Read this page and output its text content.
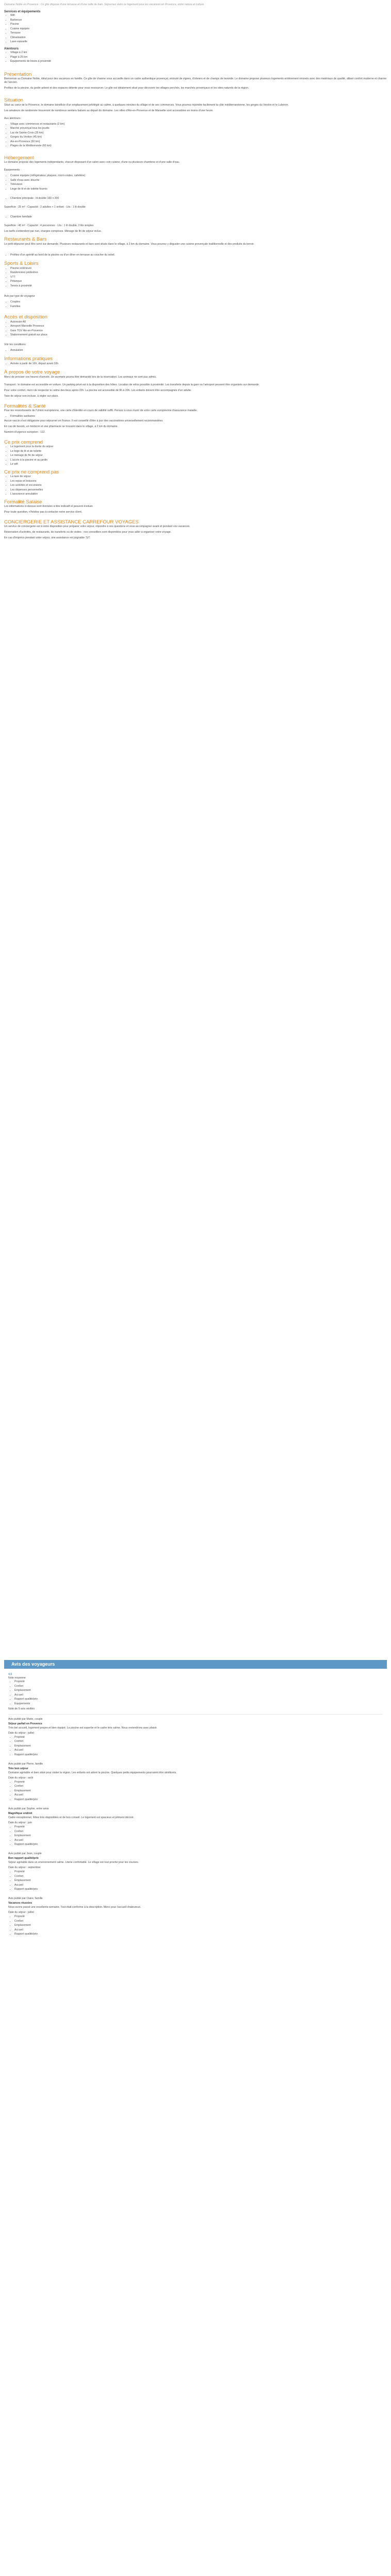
Domaine Noble en Provence : Ce gîte dispose d'une terrasse et d'une salle de bain. Séjournez dans ce logement pour les vacances en Provence, entre nature et culture.

Services et équipements
• Wifi
• Barbecue
• Piscine
• Cuisine équipée
• Terrasse
• Climatisation
• Lave-vaisselle
Alentours
• Village à 2 km
• Plage à 25 km
• Équipements de loisirs à proximité
Présentation

Bienvenue au Domaine Noble, idéal pour des vacances en famille. Ce gîte de charme vous accueille dans un cadre authentique provençal, entouré de vignes, d'oliviers et de champs de lavande. Le domaine propose plusieurs logements entièrement rénovés avec des matériaux de qualité, alliant confort moderne et charme de l'ancien.

Profitez de la piscine, du jardin arboré et des espaces détente pour vous ressourcer. Le gîte est idéalement situé pour découvrir les villages perchés, les marchés provençaux et les sites naturels de la région.

Situation

Situé au cœur de la Provence, le domaine bénéficie d'un emplacement privilégié au calme, à quelques minutes du village et de ses commerces. Vous pourrez rejoindre facilement la côte méditerranéenne, les gorges du Verdon et le Luberon.

Les amateurs de randonnée trouveront de nombreux sentiers balisés au départ du domaine. Les villes d'Aix-en-Provence et de Marseille sont accessibles en moins d'une heure.

Aux alentours :

• Village avec commerces et restaurants (2 km)
• Marché provençal tous les jeudis
• Lac de Sainte-Croix (35 km)
• Gorges du Verdon (45 km)
• Aix-en-Provence (50 km)
• Plages de la Méditerranée (60 km)
Hébergement

Le domaine propose des logements indépendants, chacun disposant d'un salon avec coin cuisine, d'une ou plusieurs chambres et d'une salle d'eau.

Équipements :

• Cuisine équipée (réfrigérateur, plaques, micro-ondes, cafetière)
• Salle d'eau avec douche
• Télévision
• Linge de lit et de toilette fournis
• Chambre principale : lit double 160 x 200

Superficie : 25 m² · Capacité : 2 adultes + 1 enfant · Lits : 1 lit double

• Chambre familiale

Superficie : 40 m² · Capacité : 4 personnes · Lits : 1 lit double, 2 lits simples

Les tarifs s'entendent par nuit, charges comprises. Ménage de fin de séjour inclus.

Restaurants & Bars

Le petit-déjeuner peut être servi sur demande. Plusieurs restaurants et bars sont situés dans le village, à 2 km du domaine. Vous pourrez y déguster une cuisine provençale traditionnelle et des produits du terroir.

• Profitez d'un apéritif au bord de la piscine ou d'un dîner en terrasse au coucher du soleil.
Sports & Loisirs
• Piscine extérieure
• Randonnées pédestres
• VTT
• Pétanque
• Tennis à proximité

Avis par type de voyageur

• Couples
• Familles
Accès et disposition
• Autoroute A8
• Aéroport Marseille Provence
• Gare TGV Aix-en-Provence
• Stationnement gratuit sur place

Voir les conditions

• Annulation
Informations pratiques
• Arrivée à partir de 16h, départ avant 10h
À propos de votre voyage

Merci de préciser vos heures d'arrivée. Un acompte pourra être demandé lors de la réservation. Les animaux ne sont pas admis.

Transport : le domaine est accessible en voiture. Un parking privé est à la disposition des hôtes. Location de vélos possible à proximité. Les transferts depuis la gare ou l'aéroport peuvent être organisés sur demande.

Pour votre confort, merci de respecter le calme des lieux après 22h. La piscine est accessible de 9h à 20h. Les enfants doivent être accompagnés d'un adulte.

Taxe de séjour non incluse, à régler sur place.

Formalités & Santé

Pour les ressortissants de l'Union européenne, une carte d'identité en cours de validité suffit. Pensez à vous munir de votre carte européenne d'assurance maladie.

• Formalités sanitaires

Aucun vaccin n'est obligatoire pour séjourner en France. Il est conseillé d'être à jour des vaccinations universellement recommandées.

En cas de besoin, un médecin et une pharmacie se trouvent dans le village, à 2 km du domaine.

Numéro d'urgence européen : 112.

Ce prix comprend
• Le logement pour la durée du séjour
• Le linge de lit et de toilette
• Le ménage de fin de séjour
• L'accès à la piscine et au jardin
• Le wifi
Ce prix ne comprend pas
• La taxe de séjour
• Les repas et boissons
• Les activités et excursions
• Les dépenses personnelles
• L'assurance annulation
Formalité Salaise

Les informations ci-dessus sont données à titre indicatif et peuvent évoluer.

Pour toute question, n'hésitez pas à contacter notre service client.

CONCIERGERIE ET ASSISTANCE CARREFOUR VOYAGES

Un service de conciergerie est à votre disposition pour préparer votre séjour, répondre à vos questions et vous accompagner avant et pendant vos vacances.

Réservation d'activités, de restaurants, de transferts ou de visites : nos conseillers sont disponibles pour vous aider à organiser votre voyage.

En cas d'imprévu pendant votre séjour, une assistance est joignable 7j/7.

Avis des voyageurs
4,5
Note moyenne
• Propreté
• Confort
• Emplacement
• Accueil
• Rapport qualité/prix
• Équipements
Note de 5 avis vérifiés
Avis publié par Marie, couple
Séjour parfait en Provence
Très bel accueil, logement propre et bien équipé. La piscine est superbe et le cadre très calme. Nous reviendrons avec plaisir.
Date du séjour : juillet
• Propreté
• Confort
• Emplacement
• Accueil
• Rapport qualité/prix
Avis publié par Pierre, famille
Très bon séjour
Domaine agréable et bien situé pour visiter la région. Les enfants ont adoré la piscine. Quelques petits équipements pourraient être améliorés.
Date du séjour : août
• Propreté
• Confort
• Emplacement
• Accueil
• Rapport qualité/prix
Avis publié par Sophie, entre amis
Magnifique endroit
Cadre exceptionnel, hôtes très disponibles et de bon conseil. Le logement est spacieux et joliment décoré.
Date du séjour : juin
• Propreté
• Confort
• Emplacement
• Accueil
• Rapport qualité/prix
Avis publié par Jean, couple
Bon rapport qualité/prix
Séjour agréable dans un environnement calme. Literie confortable. Le village est tout proche pour les courses.
Date du séjour : septembre
• Propreté
• Confort
• Emplacement
• Accueil
• Rapport qualité/prix
Avis publié par Claire, famille
Vacances réussies
Nous avons passé une excellente semaine. Tout était conforme à la description. Merci pour l'accueil chaleureux.
Date du séjour : juillet
• Propreté
• Confort
• Emplacement
• Accueil
• Rapport qualité/prix
